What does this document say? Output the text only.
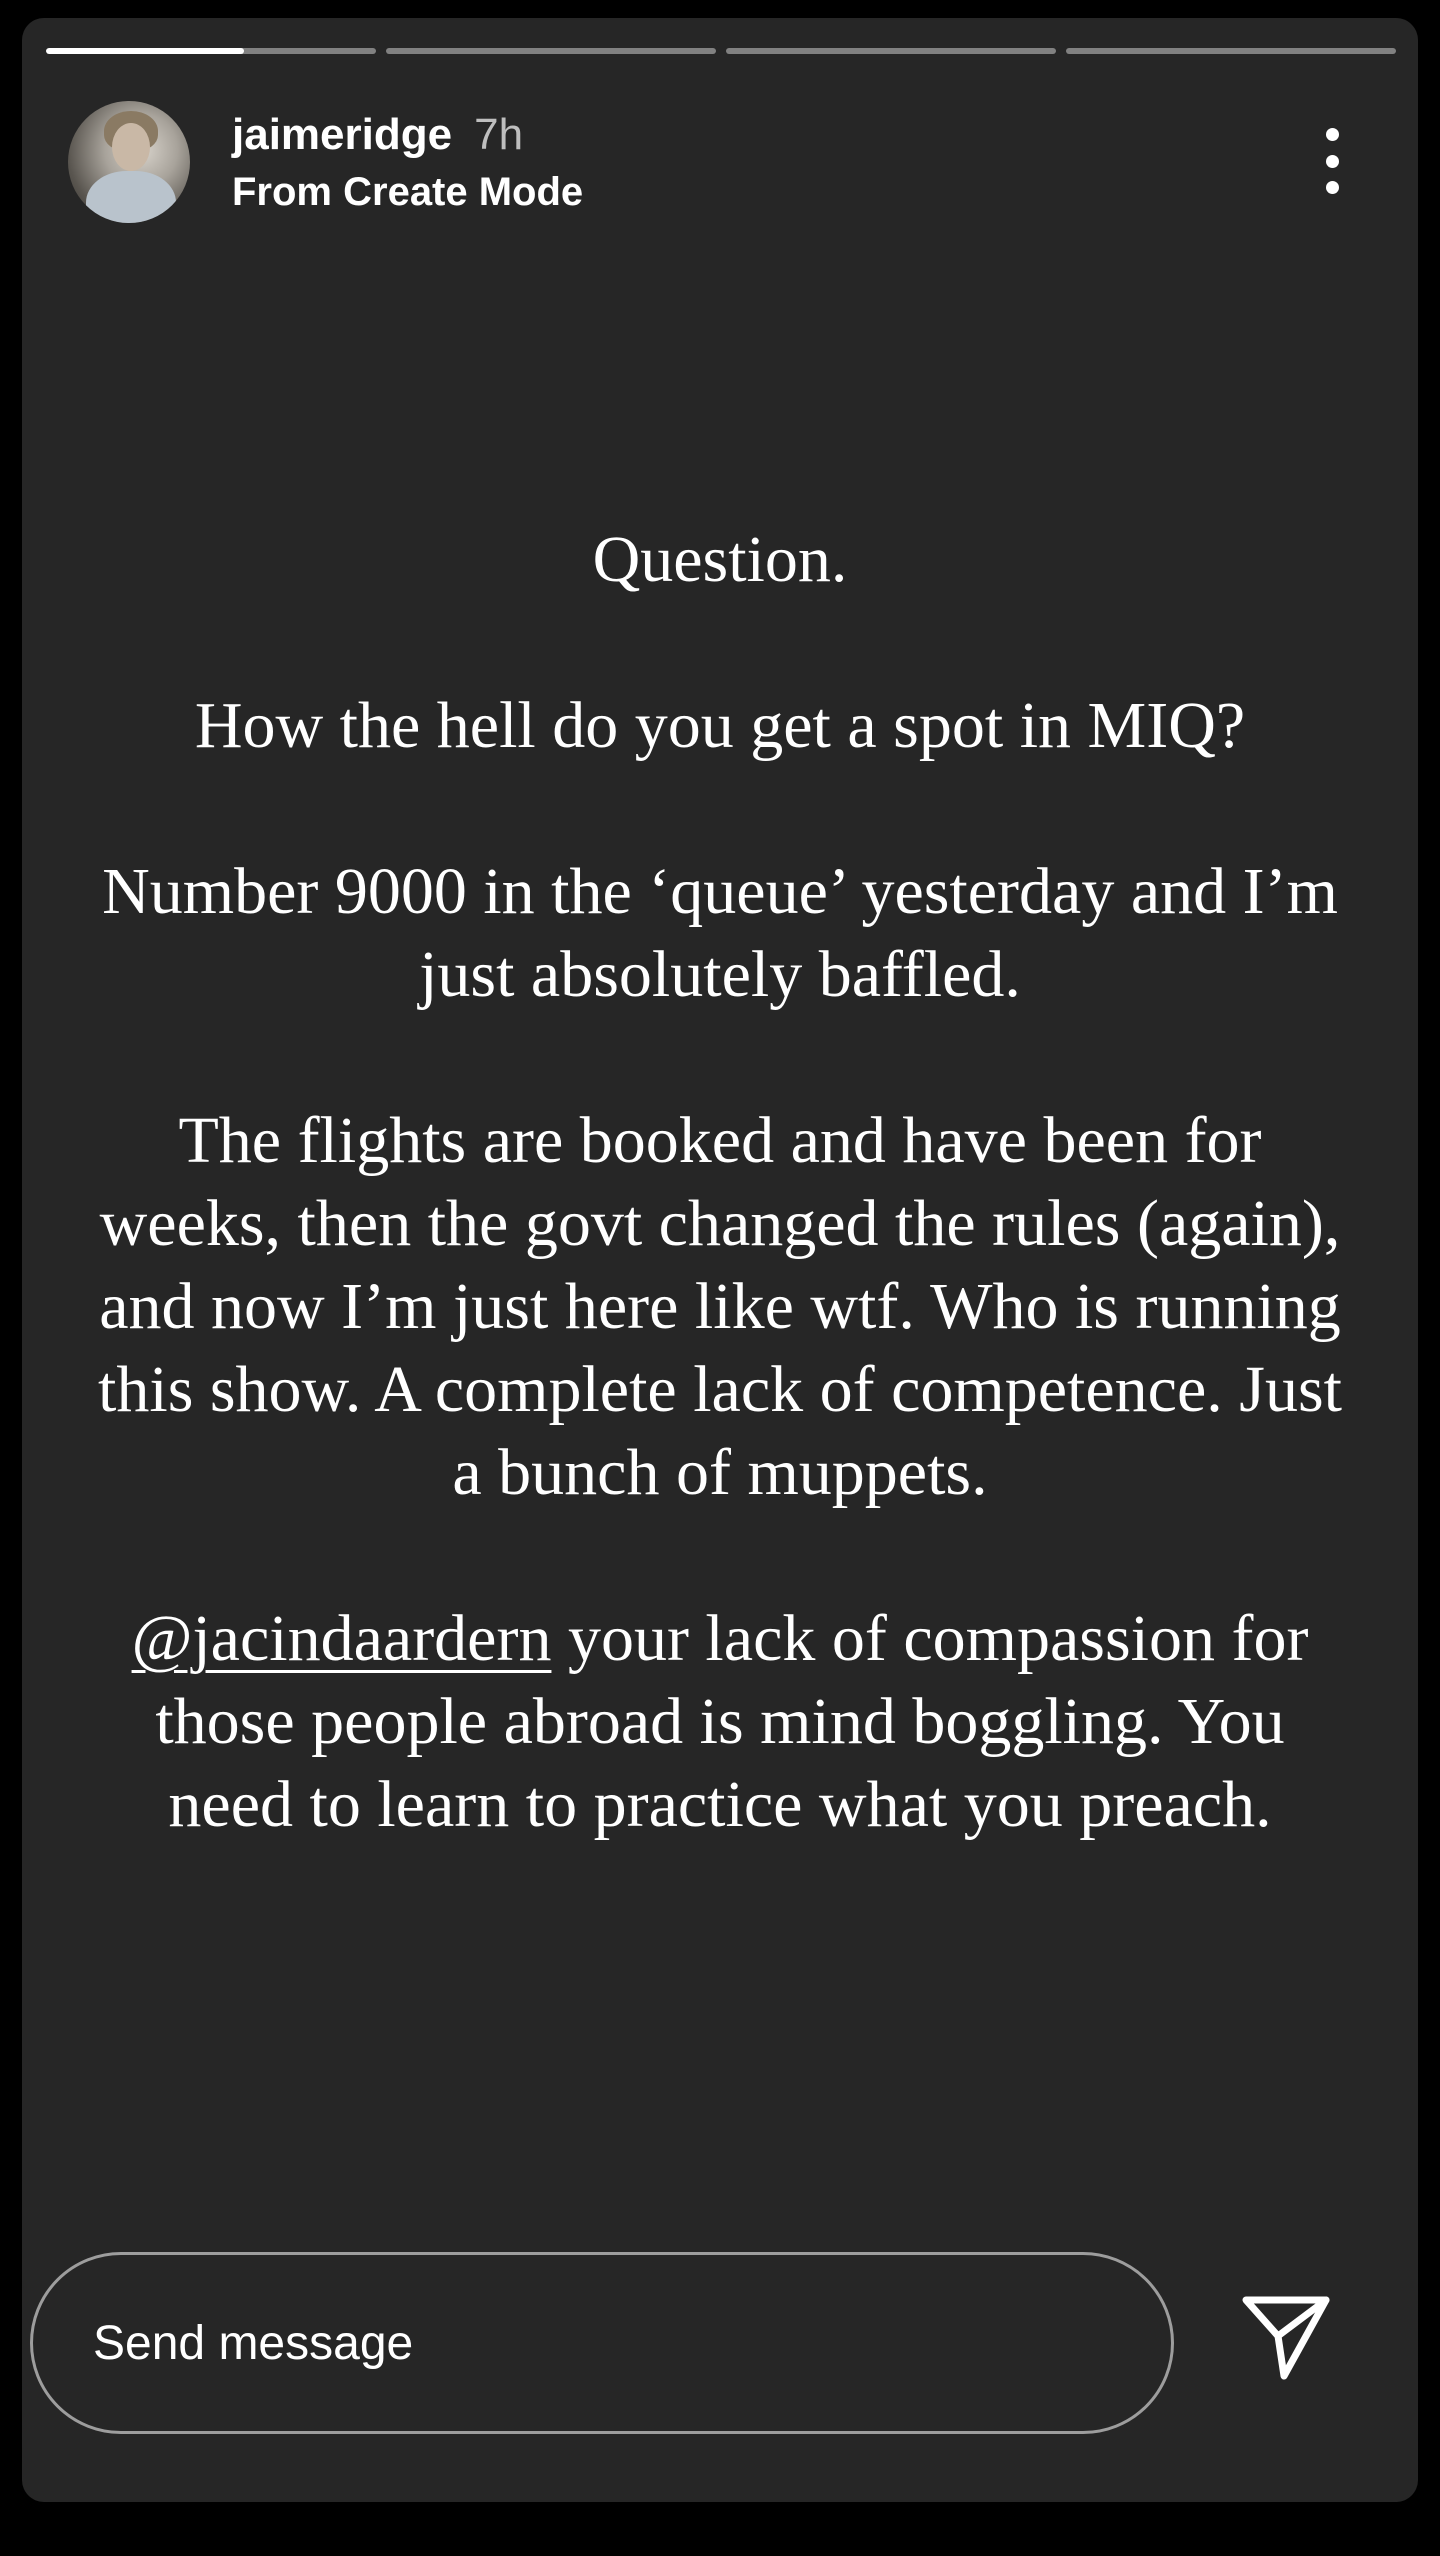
jaimeridge 7h
From Create Mode

Question.

How the hell do you get a spot in MIQ?

Number 9000 in the ‘queue’ yesterday and I’m just absolutely baffled.

The flights are booked and have been for weeks, then the govt changed the rules (again), and now I’m just here like wtf. Who is running this show. A complete lack of competence. Just a bunch of muppets.

@jacindaardern your lack of compassion for those people abroad is mind boggling. You need to learn to practice what you preach.

Send message
